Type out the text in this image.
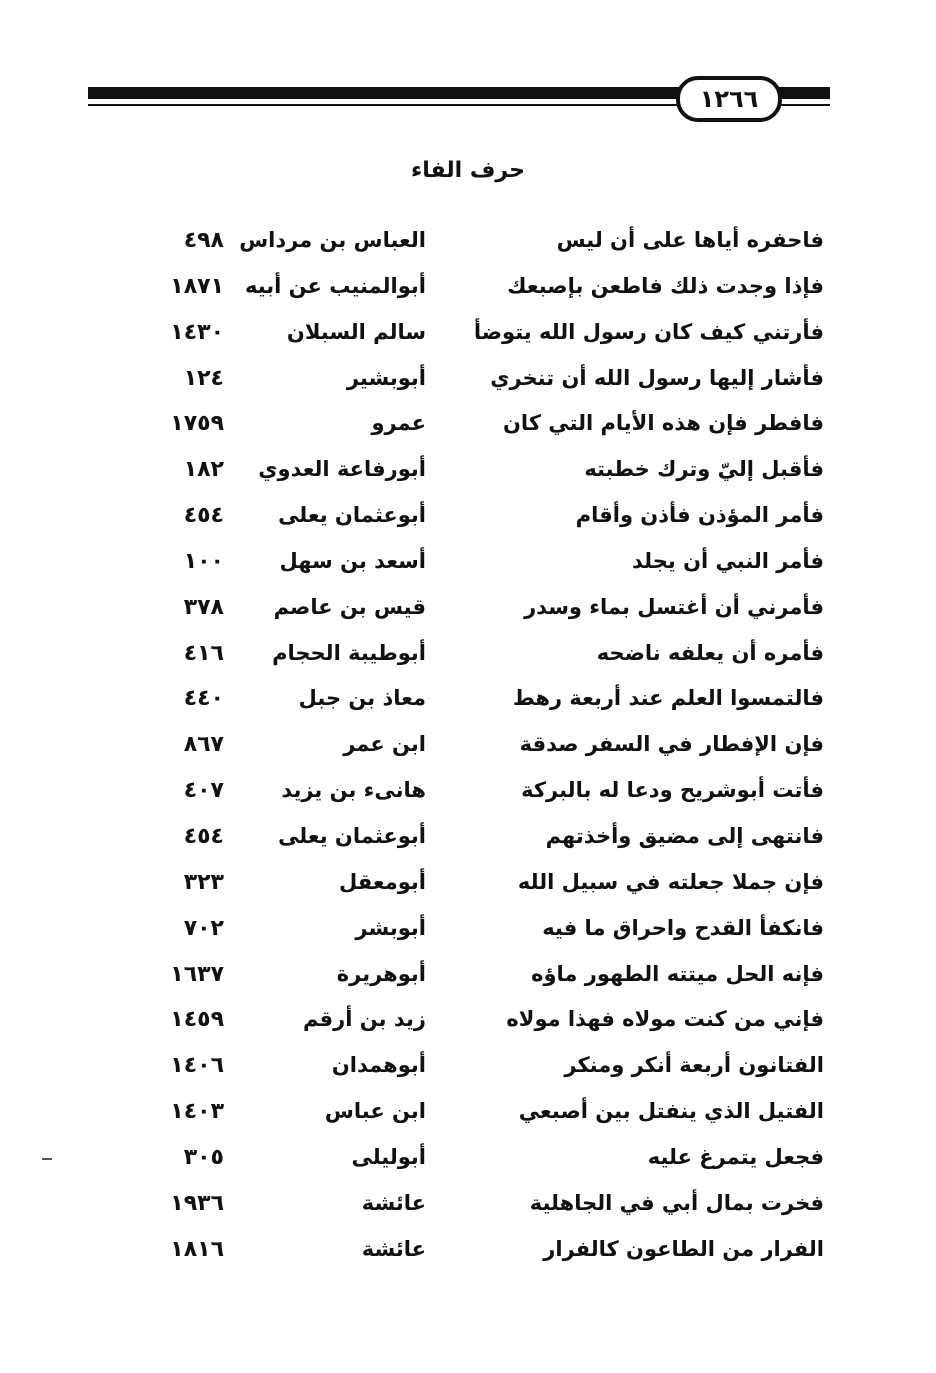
١٢٦٦
حرف الفاء
فاحفره أياها على أن ليس
العباس بن مرداس
٤٩٨
فإذا وجدت ذلك فاطعن بإصبعك
أبوالمنيب عن أبيه
١٨٧١
فأرتني كيف كان رسول الله يتوضأ
سالم السبلان
١٤٣٠
فأشار إليها رسول الله أن تنخري
أبوبشير
١٢٤
فافطر فإن هذه الأيام التي كان
عمرو
١٧٥٩
فأقبل إليّ وترك خطبته
أبورفاعة العدوي
١٨٢
فأمر المؤذن فأذن وأقام
أبوعثمان يعلى
٤٥٤
فأمر النبي أن يجلد
أسعد بن سهل
١٠٠
فأمرني أن أغتسل بماء وسدر
قيس بن عاصم
٣٧٨
فأمره أن يعلفه ناضحه
أبوطيبة الحجام
٤١٦
فالتمسوا العلم عند أربعة رهط
معاذ بن جبل
٤٤٠
فإن الإفطار في السفر صدقة
ابن عمر
٨٦٧
فأتت أبوشريح ودعا له بالبركة
هانىء بن يزيد
٤٠٧
فانتهى إلى مضيق وأخذتهم
أبوعثمان يعلى
٤٥٤
فإن جملا جعلته في سبيل الله
أبومعقل
٣٢٣
فانكفأ القدح واحراق ما فيه
أبوبشر
٧٠٢
فإنه الحل ميتته الطهور ماؤه
أبوهريرة
١٦٣٧
فإني من كنت مولاه فهذا مولاه
زيد بن أرقم
١٤٥٩
الفتانون أربعة أنكر ومنكر
أبوهمدان
١٤٠٦
الفتيل الذي ينفتل بين أصبعي
ابن عباس
١٤٠٣
فجعل يتمرغ عليه
أبوليلى
٣٠٥
فخرت بمال أبي في الجاهلية
عائشة
١٩٣٦
الفرار من الطاعون كالفرار
عائشة
١٨١٦
